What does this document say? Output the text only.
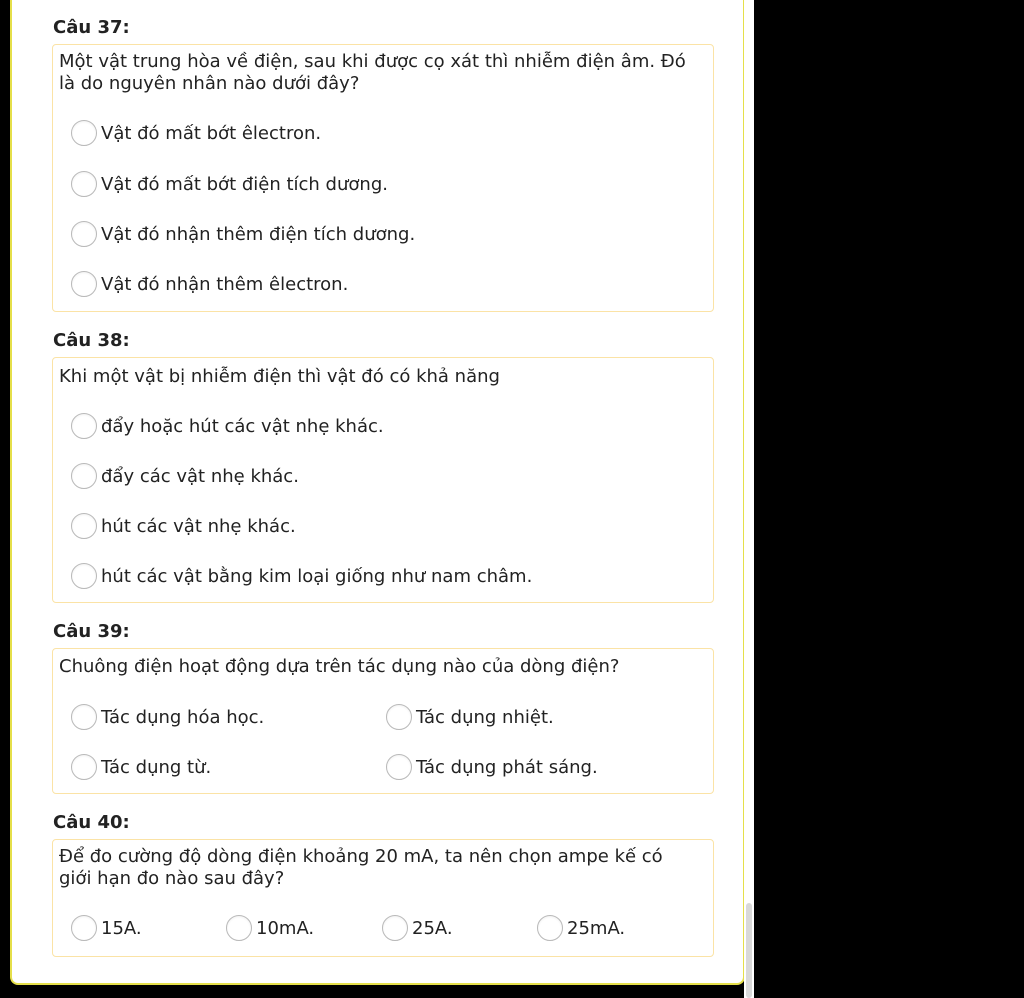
Câu 37:
Một vật trung hòa về điện, sau khi được cọ xát thì nhiễm điện âm. Đó là do nguyên nhân nào dưới đây?
Vật đó mất bớt êlectron.
Vật đó mất bớt điện tích dương.
Vật đó nhận thêm điện tích dương.
Vật đó nhận thêm êlectron.
Câu 38:
Khi một vật bị nhiễm điện thì vật đó có khả năng
đẩy hoặc hút các vật nhẹ khác.
đẩy các vật nhẹ khác.
hút các vật nhẹ khác.
hút các vật bằng kim loại giống như nam châm.
Câu 39:
Chuông điện hoạt động dựa trên tác dụng nào của dòng điện?
Tác dụng hóa học.	Tác dụng nhiệt.
Tác dụng từ.	Tác dụng phát sáng.
Câu 40:
Để đo cường độ dòng điện khoảng 20 mA, ta nên chọn ampe kế có giới hạn đo nào sau đây?
15A.	10mA.	25A.	25mA.
